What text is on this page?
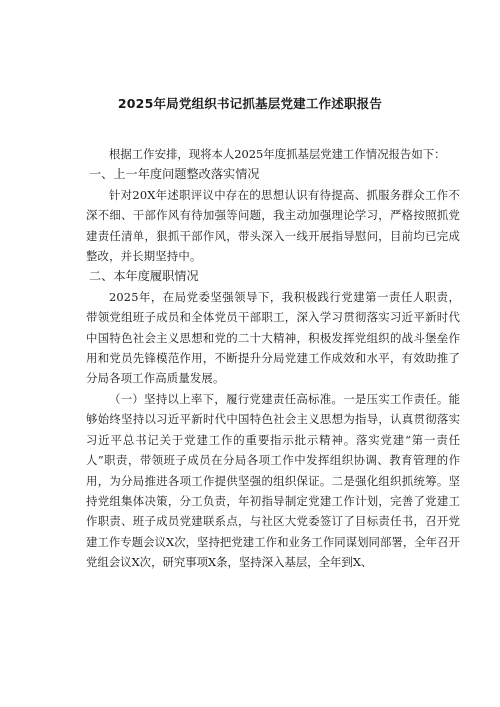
2025年局党组织书记抓基层党建工作述职报告

根据工作安排，现将本人2025年度抓基层党建工作情况报告如下：

一、上一年度问题整改落实情况

针对20X年述职评议中存在的思想认识有待提高、抓服务群众工作不深不细、干部作风有待加强等问题，我主动加强理论学习，严格按照抓党建责任清单，狠抓干部作风，带头深入一线开展指导慰问，目前均已完成整改，并长期坚持中。

二、本年度履职情况

2025年，在局党委坚强领导下，我积极践行党建第一责任人职责，带领党组班子成员和全体党员干部职工，深入学习贯彻落实习近平新时代中国特色社会主义思想和党的二十大精神，积极发挥党组织的战斗堡垒作用和党员先锋模范作用，不断提升分局党建工作成效和水平，有效助推了分局各项工作高质量发展。

（一）坚持以上率下，履行党建责任高标准。一是压实工作责任。能够始终坚持以习近平新时代中国特色社会主义思想为指导，认真贯彻落实习近平总书记关于党建工作的重要指示批示精神。落实党建“第一责任人”职责，带领班子成员在分局各项工作中发挥组织协调、教育管理的作用，为分局推进各项工作提供坚强的组织保证。二是强化组织抓统筹。坚持党组集体决策，分工负责，年初指导制定党建工作计划，完善了党建工作职责、班子成员党建联系点，与社区大党委签订了目标责任书，召开党建工作专题会议X次，坚持把党建工作和业务工作同谋划同部署，全年召开党组会议X次，研究事项X条，坚持深入基层，全年到X、
